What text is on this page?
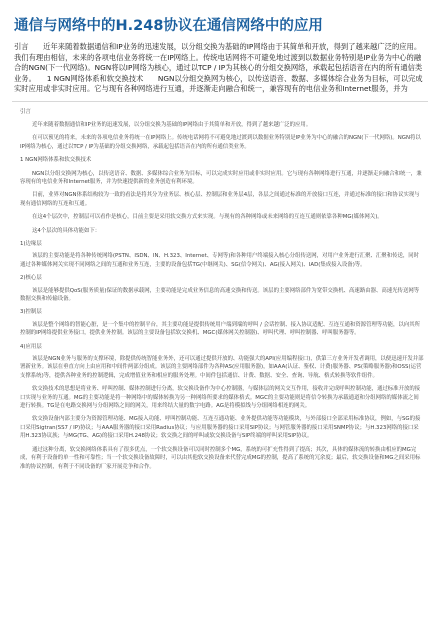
通信与网络中的H.248协议在通信网络中的应用

引言　　近年来随着数据通信和IP业务的迅速发展，以分组交换为基础的IP网络由于其简单和开放，得到了越来越广泛的应用。　　我们有理由相信，未来的各项电信业务将统一在IP网络上。传统电话网将不可避免地过渡到以数据业务特别是IP业务为中心的融合的NGN(下一代网络)。NGN将以IP网络为核心，通过以TCP / IP为其核心的分组交换网络，承载起包括语音在内的所有通信类业务。　　1 NGN网络体系和软交换技术　　NGN以分组交换网为核心，以传送语音、数据、多媒体综合业务为目标，可以完成实时应用或非实时应用。它与现有各种网络进行互通，并逐渐走向融合和统一，兼容现有的电信业务和Internet服务，并为

引言

近年来随着数据通信和IP业务的迅速发展，以分组交换为基础的IP网络由于其简单和开放，得到了越来越广泛的应用。

在可以预见的将来，未来的各项电信业务将统一在IP网络上。传统电话网将不可避免地过渡到以数据业务特别是IP业务为中心的融合的NGN(下一代网络)。NGN将以IP网络为核心，通过以TCP / IP为基础的分组交换网络，承载起包括语音在内的所有通信类业务。

1 NGN网络体系和软交换技术

NGN以分组交换网为核心，以传送语音、数据、多媒体综合业务为目标，可以完成实时应用或非实时应用。它与现有各种网络进行互通，并逐渐走向融合和统一，兼容现有的电信业务和Internet服务，并为快速提供新的业务创造有利环境。

目前，业界对NGN体系结构较为一致的看法是将其分为业务层、核心层、控制层和业务层4层，各层之间通过标准的开放接口互连，并通过标准的接口和协议实现与现有通信网络的互连和互通。

在这4个层次中，控制层可以看作是核心，目前主要是采用软交换方式来实现。与现有的各种网络或未来网络的互连互通则依靠各种MG(媒体网关)。

这4个层次的具体功能如下：

1)边缘层

该层的主要功能是将各种传统网络(PSTN、ISDN、IN、H.323、Internet、专网等)和各种用户终端接入核心分组传送网，对用户业务进行汇聚、汇聚和传送，同时通过各种媒体网关实现不同网络之间的互通和业务互连，主要的设备包括TG(中继网关)、SG(信令网关)、AG(接入网关)、IAD(集成接入设备)等。

2)核心层

该层是能够提供QoS(服务质量)保证的数据承载网，主要功能是完成业务信息的高速交换和传送。该层的主要网络部件为宽带交换机、高速路由器、高速光传送网等数据交换和传输设备。

3)控制层

该层是整个网络的智能心脏，是一个集中的控制平台，其主要功能是提供传统用户端到端的呼叫 / 会话控制、接入协议适配、互连互通和资源管理等功能，以向其所控制的IP网络提供业务接口，提供业务控制。该层的主要设备包括软交换机、MGC(媒体网关控制器)、呼叫代理、呼叫控制器、呼叫服务器等。

4)应用层

该层是NGN业务与服务的支撑环境，除提供传统智能业务外，还可以通过提供开放的、功能强大的API(应用编程接口)，供第三方业务开发者调用，以便迅速开发并部署新业务。该层在垂直方向上由应用和中间件两部分组成。该层的主要网络部件为各种AS(应用服务器)，如AAA(认证、鉴权、计费)服务器、PS(策略服务器)和OSS(运营支撑系统)等，提供各种业务的控制逻辑，完成增值业务和相应的服务处理。中间件包括通信、计费、数据、安全、查询、导航、格式转换等软件组件。

软交换技术的思想是将业务、呼叫控制、媒体控制进行分离，软交换设备作为中心控制器，与媒体层的网关交互作用，接收并完成呼叫控制功能，通过标准开放的接口实现与业务的互通。MG的主要功能是将一种网络中的媒体转换为另一种网络所要求的媒体格式。MGC的主要功能则是将信令转换为承载通道和分组网络的媒体流之间进行转换。TG是在电路交换网与分组网络之间的网关，用来终结大量的数字电路。AG是将模拟线与分组网络相连的网关。

软交换设备内部主要分为资源管理功能、MG接入功能、呼叫控制功能、互连互通功能、业务提供功能等功能模块，与外部接口全部采用标准协议，例如，与SG的接口采用Sigtran(SS7 / IP)协议；与AAA服务器的接口采用Radius协议；与应用服务器的接口采用SIP协议；与网管服务器的接口采用SNMP协议；与H.323网络的接口采用H.323协议族；与MG(TG、AG)的接口采用H.248协议；软交换之间的呼叫或软交换设备与SIP终端的呼叫采用SIP协议。

通过这种分离，软交换网络体系具有了很多优点，一个软交换设备可以同时控制多个MG，系统的可扩充性得到了提高；其次，具体的媒体流的转换由相应的MG完成，有利于设备的单一性和可靠性；当一个软交换设备故障时，可以由其他软交换设备来代替完成MG的控制，提高了系统的冗余度；最后，软交换设备和MG之间采用标准的协议控制，有利于不同设备的厂家开展竞争和合作。
